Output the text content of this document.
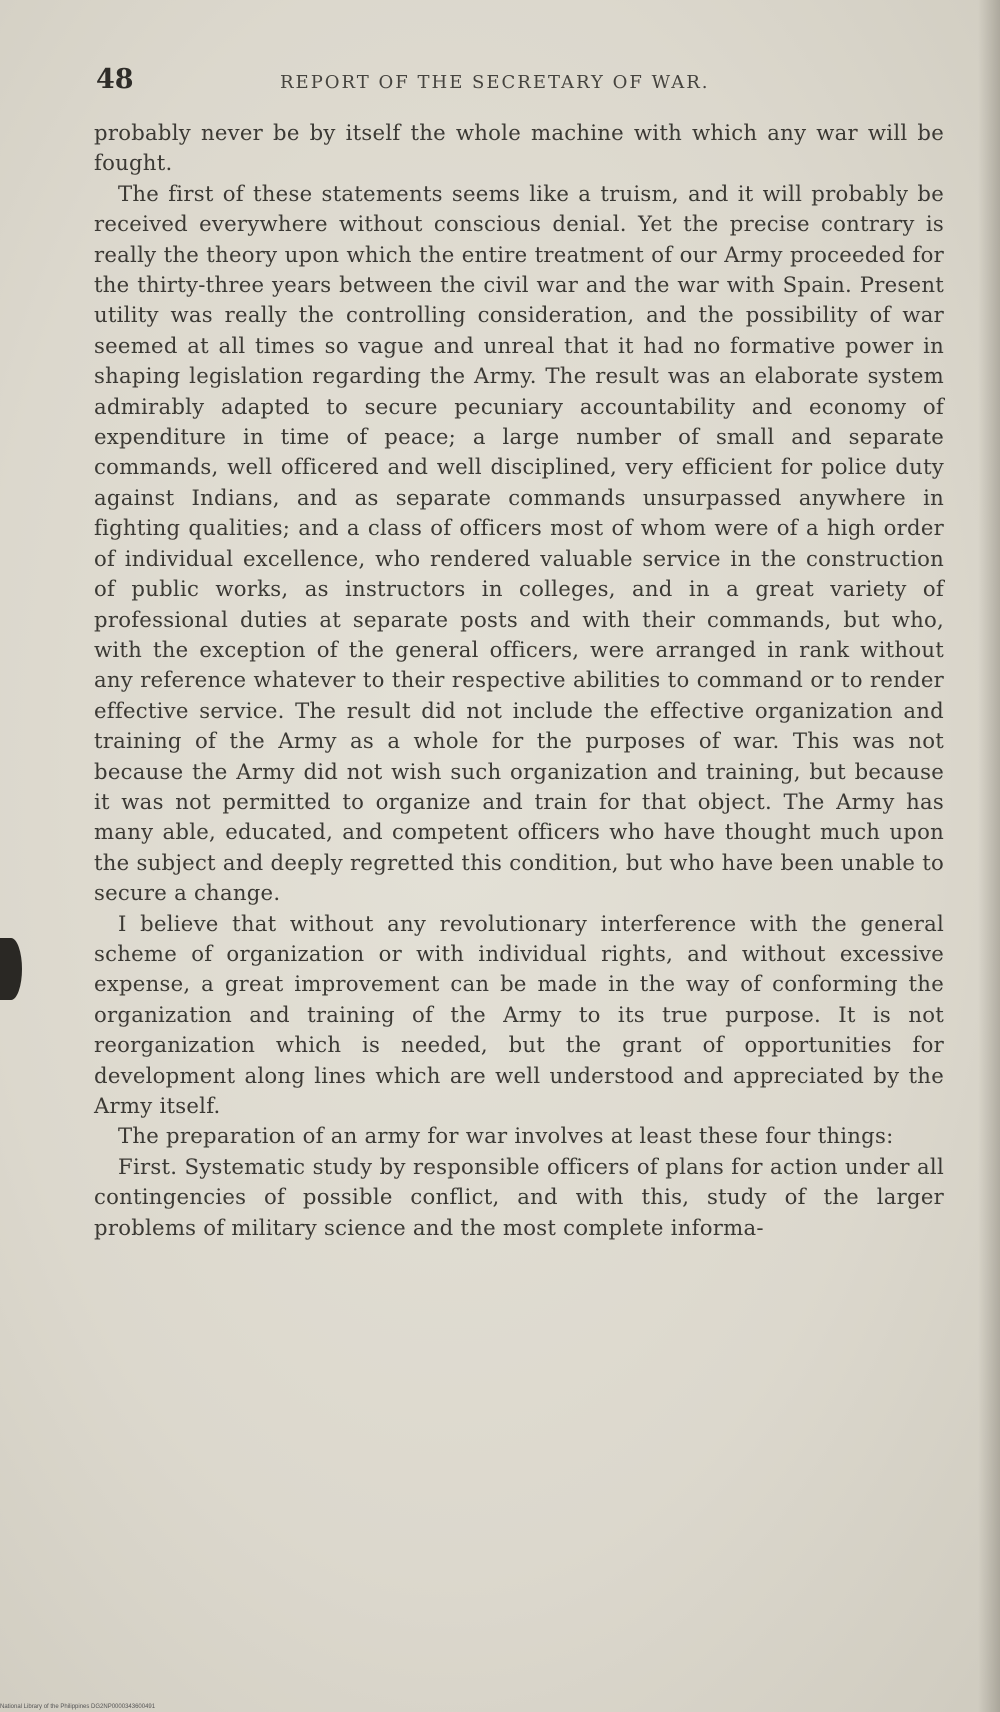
48	REPORT OF THE SECRETARY OF WAR.

probably never be by itself the whole machine with which any war will be fought.

The first of these statements seems like a truism, and it will probably be received everywhere without conscious denial. Yet the precise contrary is really the theory upon which the entire treatment of our Army proceeded for the thirty-three years between the civil war and the war with Spain. Present utility was really the controlling consideration, and the possibility of war seemed at all times so vague and unreal that it had no formative power in shaping legislation regarding the Army. The result was an elaborate system admirably adapted to secure pecuniary accountability and economy of expenditure in time of peace; a large number of small and separate commands, well officered and well disciplined, very efficient for police duty against Indians, and as separate commands unsurpassed anywhere in fighting qualities; and a class of officers most of whom were of a high order of individual excellence, who rendered valuable service in the construction of public works, as instructors in colleges, and in a great variety of professional duties at separate posts and with their commands, but who, with the exception of the general officers, were arranged in rank without any reference whatever to their respective abilities to command or to render effective service. The result did not include the effective organization and training of the Army as a whole for the purposes of war. This was not because the Army did not wish such organization and training, but because it was not permitted to organize and train for that object. The Army has many able, educated, and competent officers who have thought much upon the subject and deeply regretted this condition, but who have been unable to secure a change.

I believe that without any revolutionary interference with the general scheme of organization or with individual rights, and without excessive expense, a great improvement can be made in the way of conforming the organization and training of the Army to its true purpose. It is not reorganization which is needed, but the grant of opportunities for development along lines which are well understood and appreciated by the Army itself.

The preparation of an army for war involves at least these four things:

First. Systematic study by responsible officers of plans for action under all contingencies of possible conflict, and with this, study of the larger problems of military science and the most complete informa-

National Library of the Philippines DG2NP0000343600491
